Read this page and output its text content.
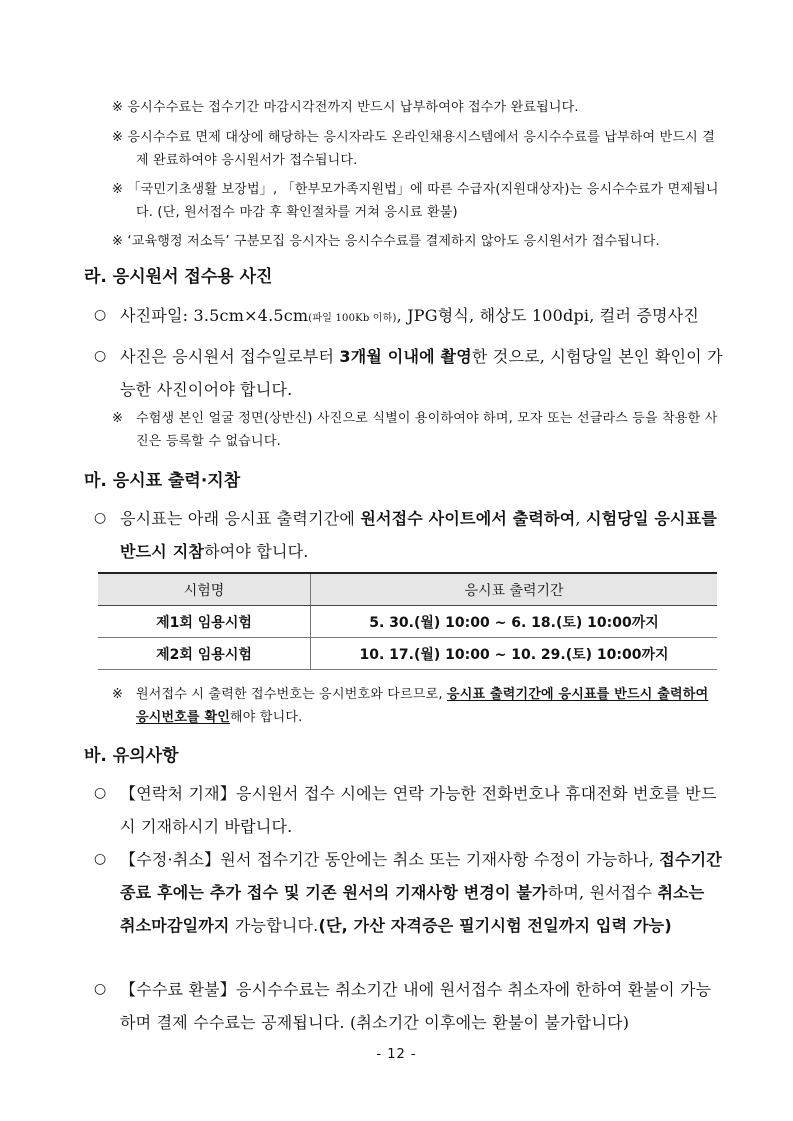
※ 응시수수료는 접수기간 마감시각전까지 반드시 납부하여야 접수가 완료됩니다.
※ 응시수수료 면제 대상에 해당하는 응시자라도 온라인채용시스템에서 응시수수료를 납부하여 반드시 결제 완료하여야 응시원서가 접수됩니다.
※ 「국민기초생활 보장법」, 「한부모가족지원법」에 따른 수급자(지원대상자)는 응시수수료가 면제됩니다. (단, 원서접수 마감 후 확인절차를 거쳐 응시료 환불)
※ ‘교육행정 저소득’ 구분모집 응시자는 응시수수료를 결제하지 않아도 응시원서가 접수됩니다.
라. 응시원서 접수용 사진
○ 사진파일: 3.5cm×4.5cm(파일 100Kb 이하), JPG형식, 해상도 100dpi, 컬러 증명사진
○ 사진은 응시원서 접수일로부터 3개월 이내에 촬영한 것으로, 시험당일 본인 확인이 가능한 사진이어야 합니다.
※ 수험생 본인 얼굴 정면(상반신) 사진으로 식별이 용이하여야 하며, 모자 또는 선글라스 등을 착용한 사진은 등록할 수 없습니다.
마. 응시표 출력·지참
○ 응시표는 아래 응시표 출력기간에 원서접수 사이트에서 출력하여, 시험당일 응시표를 반드시 지참하여야 합니다.
시험명	응시표 출력기간
제1회 임용시험	5. 30.(월) 10:00 ~ 6. 18.(토) 10:00까지
제2회 임용시험	10. 17.(월) 10:00 ~ 10. 29.(토) 10:00까지
※ 원서접수 시 출력한 접수번호는 응시번호와 다르므로, 응시표 출력기간에 응시표를 반드시 출력하여 응시번호를 확인해야 합니다.
바. 유의사항
○ 【연락처 기재】응시원서 접수 시에는 연락 가능한 전화번호나 휴대전화 번호를 반드시 기재하시기 바랍니다.
○ 【수정·취소】원서 접수기간 동안에는 취소 또는 기재사항 수정이 가능하나, 접수기간 종료 후에는 추가 접수 및 기존 원서의 기재사항 변경이 불가하며, 원서접수 취소는 취소마감일까지 가능합니다.(단, 가산 자격증은 필기시험 전일까지 입력 가능)
○ 【수수료 환불】응시수수료는 취소기간 내에 원서접수 취소자에 한하여 환불이 가능하며 결제 수수료는 공제됩니다. (취소기간 이후에는 환불이 불가합니다)
- 12 -
